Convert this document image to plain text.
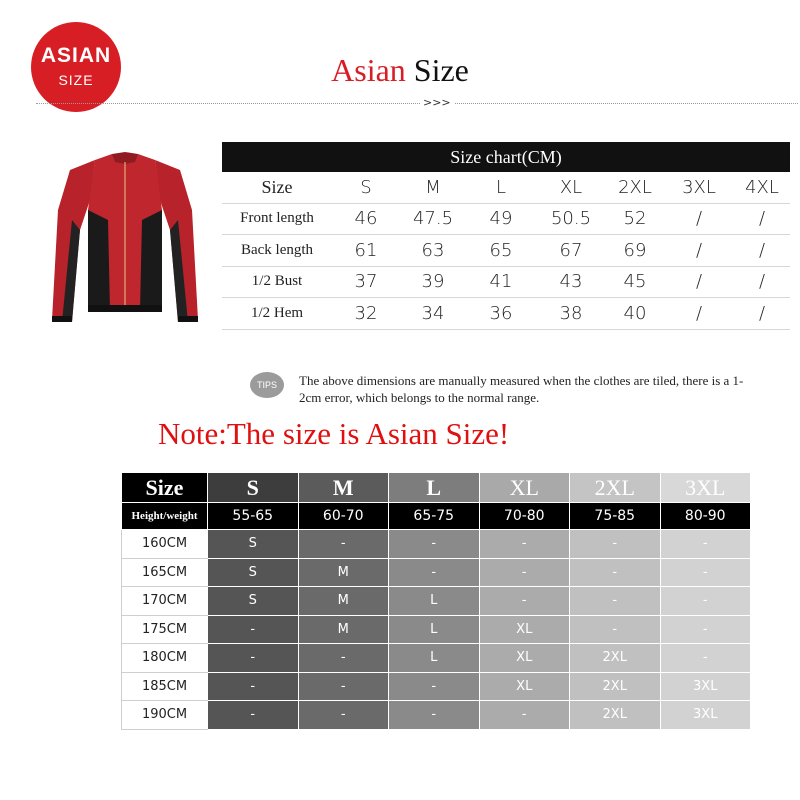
ASIAN
SIZE	Asian Size
>>>
Size chart(CM)
Size	S	M	L	XL	2XL	3XL	4XL
Front length	46	47.5	49	50.5	52	/	/
Back length	61	63	65	67	69	/	/
1/2 Bust	37	39	41	43	45	/	/
1/2 Hem	32	34	36	38	40	/	/
TIPS	The above dimensions are manually measured when the clothes are tiled, there is a 1-2cm error, which belongs to the normal range.
Note:The size is Asian Size!
Size	S	M	L	XL	2XL	3XL
Height/weight	55-65	60-70	65-75	70-80	75-85	80-90
160CM	S	-	-	-	-	-
165CM	S	M	-	-	-	-
170CM	S	M	L	-	-	-
175CM	-	M	L	XL	-	-
180CM	-	-	L	XL	2XL	-
185CM	-	-	-	XL	2XL	3XL
190CM	-	-	-	-	2XL	3XL
